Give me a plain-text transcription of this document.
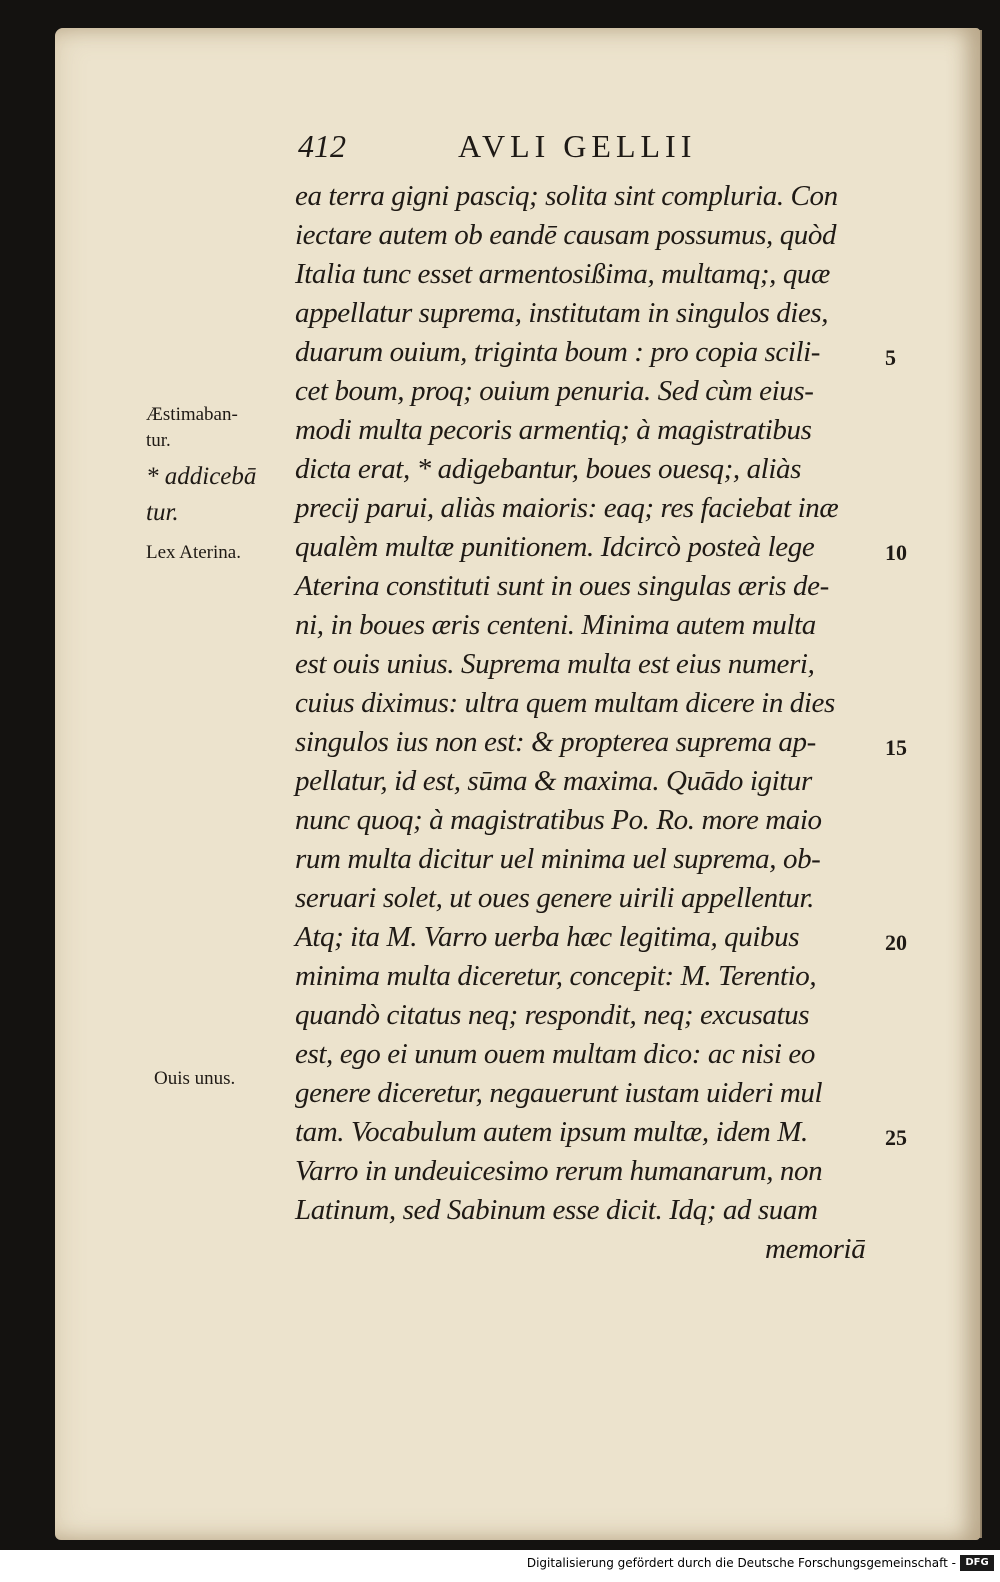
412	AVLI GELLII
ea terra gigni pasciq; solita sint compluria. Con
iectare autem ob eandē causam possumus, quòd
Italia tunc esset armentosißima, multamq;, quæ
appellatur suprema, institutam in singulos dies,
duarum ouium, triginta boum : pro copia scili-
cet boum, proq; ouium penuria. Sed cùm eius-
modi multa pecoris armentiq; à magistratibus
dicta erat, * adigebantur, boues ouesq;, aliàs
precij parui, aliàs maioris: eaq; res faciebat inæ
qualèm multæ punitionem. Idcircò posteà lege
Aterina constituti sunt in oues singulas æris de-
ni, in boues æris centeni. Minima autem multa
est ouis unius. Suprema multa est eius numeri,
cuius diximus: ultra quem multam dicere in dies
singulos ius non est: & propterea suprema ap-
pellatur, id est, sūma & maxima. Quādo igitur
nunc quoq; à magistratibus Po. Ro. more maio
rum multa dicitur uel minima uel suprema, ob-
seruari solet, ut oues genere uirili appellentur.
Atq; ita M. Varro uerba hæc legitima, quibus
minima multa diceretur, concepit: M. Terentio,
quandò citatus neq; respondit, neq; excusatus
est, ego ei unum ouem multam dico: ac nisi eo
genere diceretur, negauerunt iustam uideri mul
tam. Vocabulum autem ipsum multæ, idem M.
Varro in undeuicesimo rerum humanarum, non
Latinum, sed Sabinum esse dicit. Idq; ad suam
memoriā
5
10
15
20
25
Æstimaban-
tur.
* addicebā
tur.
Lex Aterina.
Ouis unus.
Digitalisierung gefördert durch die Deutsche Forschungsgemeinschaft - DFG
